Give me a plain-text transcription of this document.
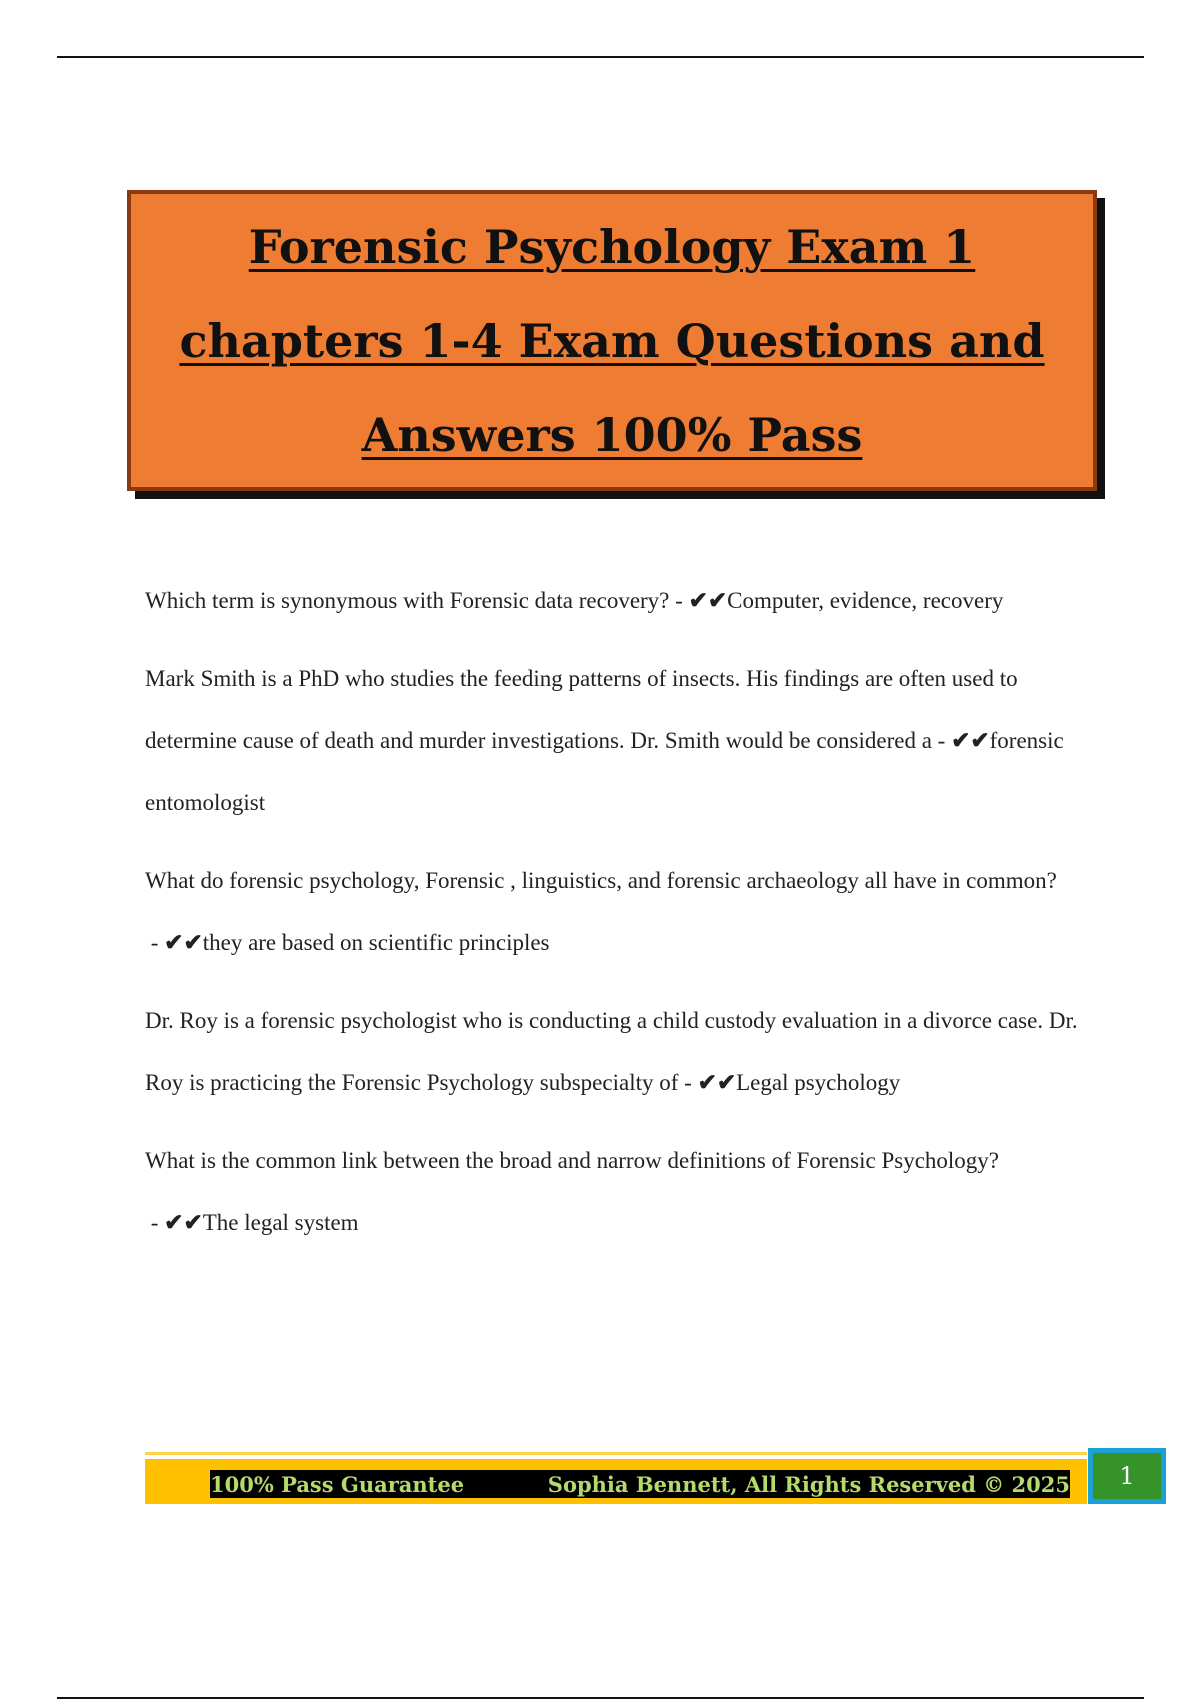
Forensic Psychology Exam 1 chapters 1-4 Exam Questions and Answers 100% Pass

Which term is synonymous with Forensic data recovery? - ✔✔Computer, evidence, recovery

Mark Smith is a PhD who studies the feeding patterns of insects. His findings are often used to determine cause of death and murder investigations. Dr. Smith would be considered a - ✔✔forensic entomologist

What do forensic psychology, Forensic , linguistics, and forensic archaeology all have in common? - ✔✔they are based on scientific principles

Dr. Roy is a forensic psychologist who is conducting a child custody evaluation in a divorce case. Dr. Roy is practicing the Forensic Psychology subspecialty of - ✔✔Legal psychology

What is the common link between the broad and narrow definitions of Forensic Psychology? - ✔✔The legal system

100% Pass Guarantee	Sophia Bennett, All Rights Reserved © 2025 1
